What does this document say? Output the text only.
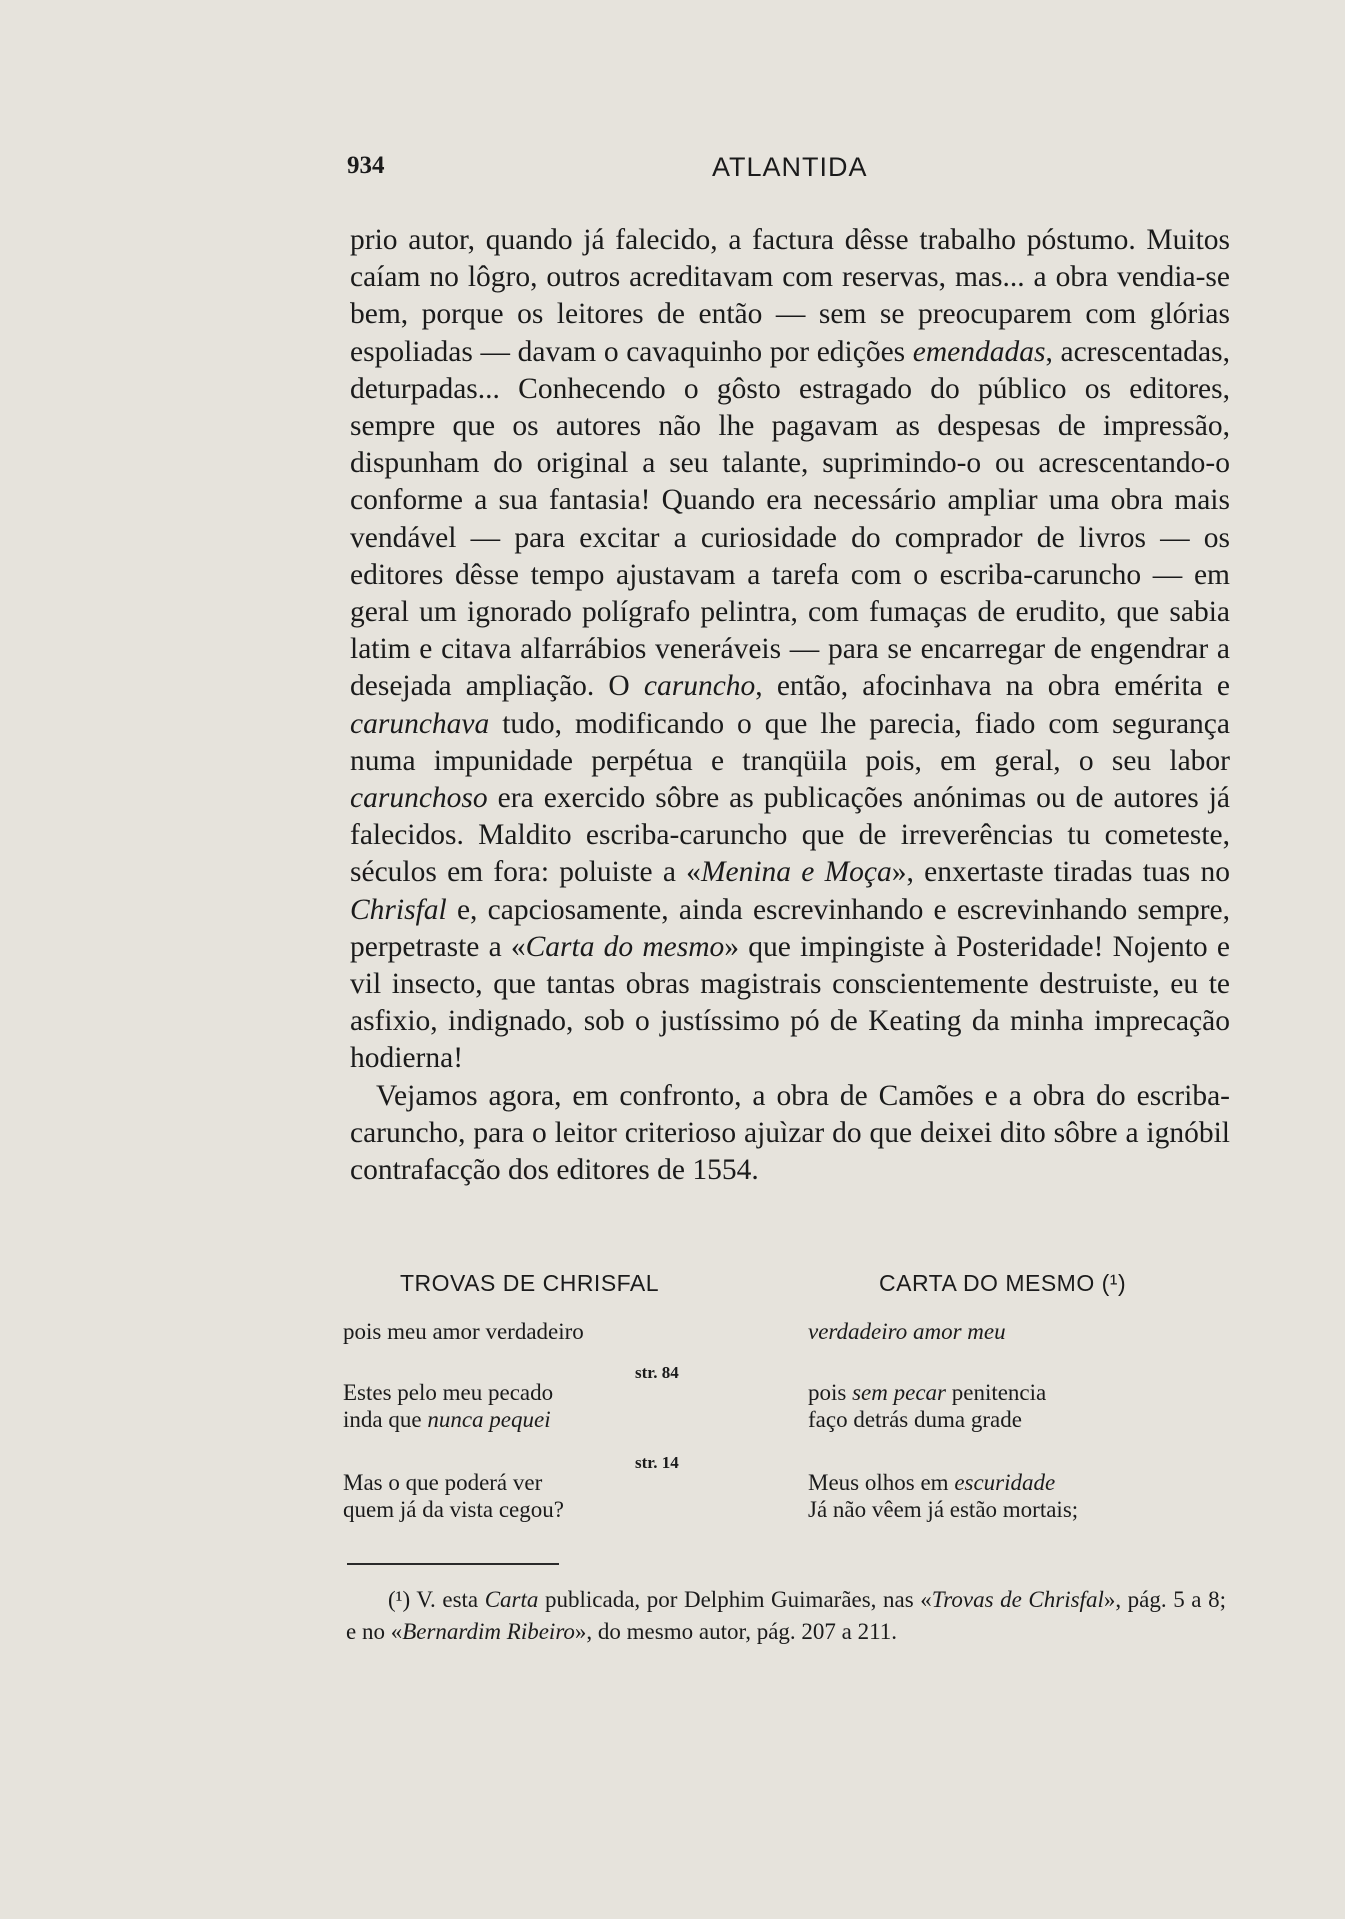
934	ATLANTIDA

prio autor, quando já falecido, a factura dêsse trabalho póstumo. Muitos caíam no lôgro, outros acreditavam com reservas, mas... a obra vendia-se bem, porque os leitores de então — sem se preocuparem com glórias espoliadas — davam o cavaquinho por edições emendadas, acrescentadas, deturpadas... Conhecendo o gôsto estragado do público os editores, sempre que os autores não lhe pagavam as despesas de impressão, dispunham do original a seu talante, suprimindo-o ou acrescentando-o conforme a sua fantasia! Quando era necessário ampliar uma obra mais vendável — para excitar a curiosidade do comprador de livros — os editores dêsse tempo ajustavam a tarefa com o escriba-caruncho — em geral um ignorado polígrafo pelintra, com fumaças de erudito, que sabia latim e citava alfarrábios veneráveis — para se encarregar de engendrar a desejada ampliação. O caruncho, então, afocinhava na obra emérita e carunchava tudo, modificando o que lhe parecia, fiado com segurança numa impunidade perpétua e tranqüila pois, em geral, o seu labor carunchoso era exercido sôbre as publicações anónimas ou de autores já falecidos. Maldito escriba-caruncho que de irreverências tu cometeste, séculos em fora: poluiste a «Menina e Moça», enxertaste tiradas tuas no Chrisfal e, capciosamente, ainda escrevinhando e escrevinhando sempre, perpetraste a «Carta do mesmo» que impingiste à Posteridade! Nojento e vil insecto, que tantas obras magistrais conscientemente destruiste, eu te asfixio, indignado, sob o justíssimo pó de Keating da minha imprecação hodierna!

Vejamos agora, em confronto, a obra de Camões e a obra do escriba-caruncho, para o leitor criterioso ajuìzar do que deixei dito sôbre a ignóbil contrafacção dos editores de 1554.

TROVAS DE CHRISFAL	CARTA DO MESMO (¹)
pois meu amor verdadeiro
Estes pelo meu pecado
inda que nunca pequei
Mas o que poderá ver
quem já da vista cegou?
verdadeiro amor meu
pois sem pecar penitencia
faço detrás duma grade
Meus olhos em escuridade
Já não vêem já estão mortais;
str. 84
str. 14
(¹) V. esta Carta publicada, por Delphim Guimarães, nas «Trovas de Chrisfal», pág. 5 a 8; e no «Bernardim Ribeiro», do mesmo autor, pág. 207 a 211.
